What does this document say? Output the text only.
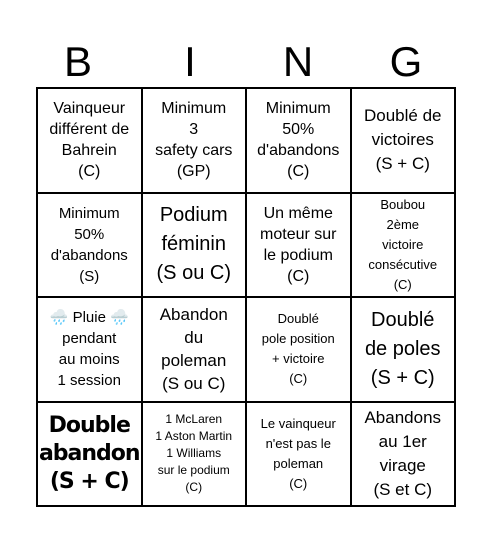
B	I	N	G
Vainqueur
différent de
Bahrein
(C)
Minimum
3
safety cars
(GP)
Minimum
50%
d'abandons
(C)
Doublé de
victoires
(S + C)
Minimum
50%
d'abandons
(S)
Podium
féminin
(S ou C)
Un même
moteur sur
le podium
(C)
Boubou
2ème
victoire
consécutive
(C)
🌧️ Pluie 🌧️
pendant
au moins
1 session
Abandon
du
poleman
(S ou C)
Doublé
pole position
+ victoire
(C)
Doublé
de poles
(S + C)
Double
abandon
(S + C)
1 McLaren
1 Aston Martin
1 Williams
sur le podium
(C)
Le vainqueur
n'est pas le
poleman
(C)
Abandons
au 1er
virage
(S et C)
